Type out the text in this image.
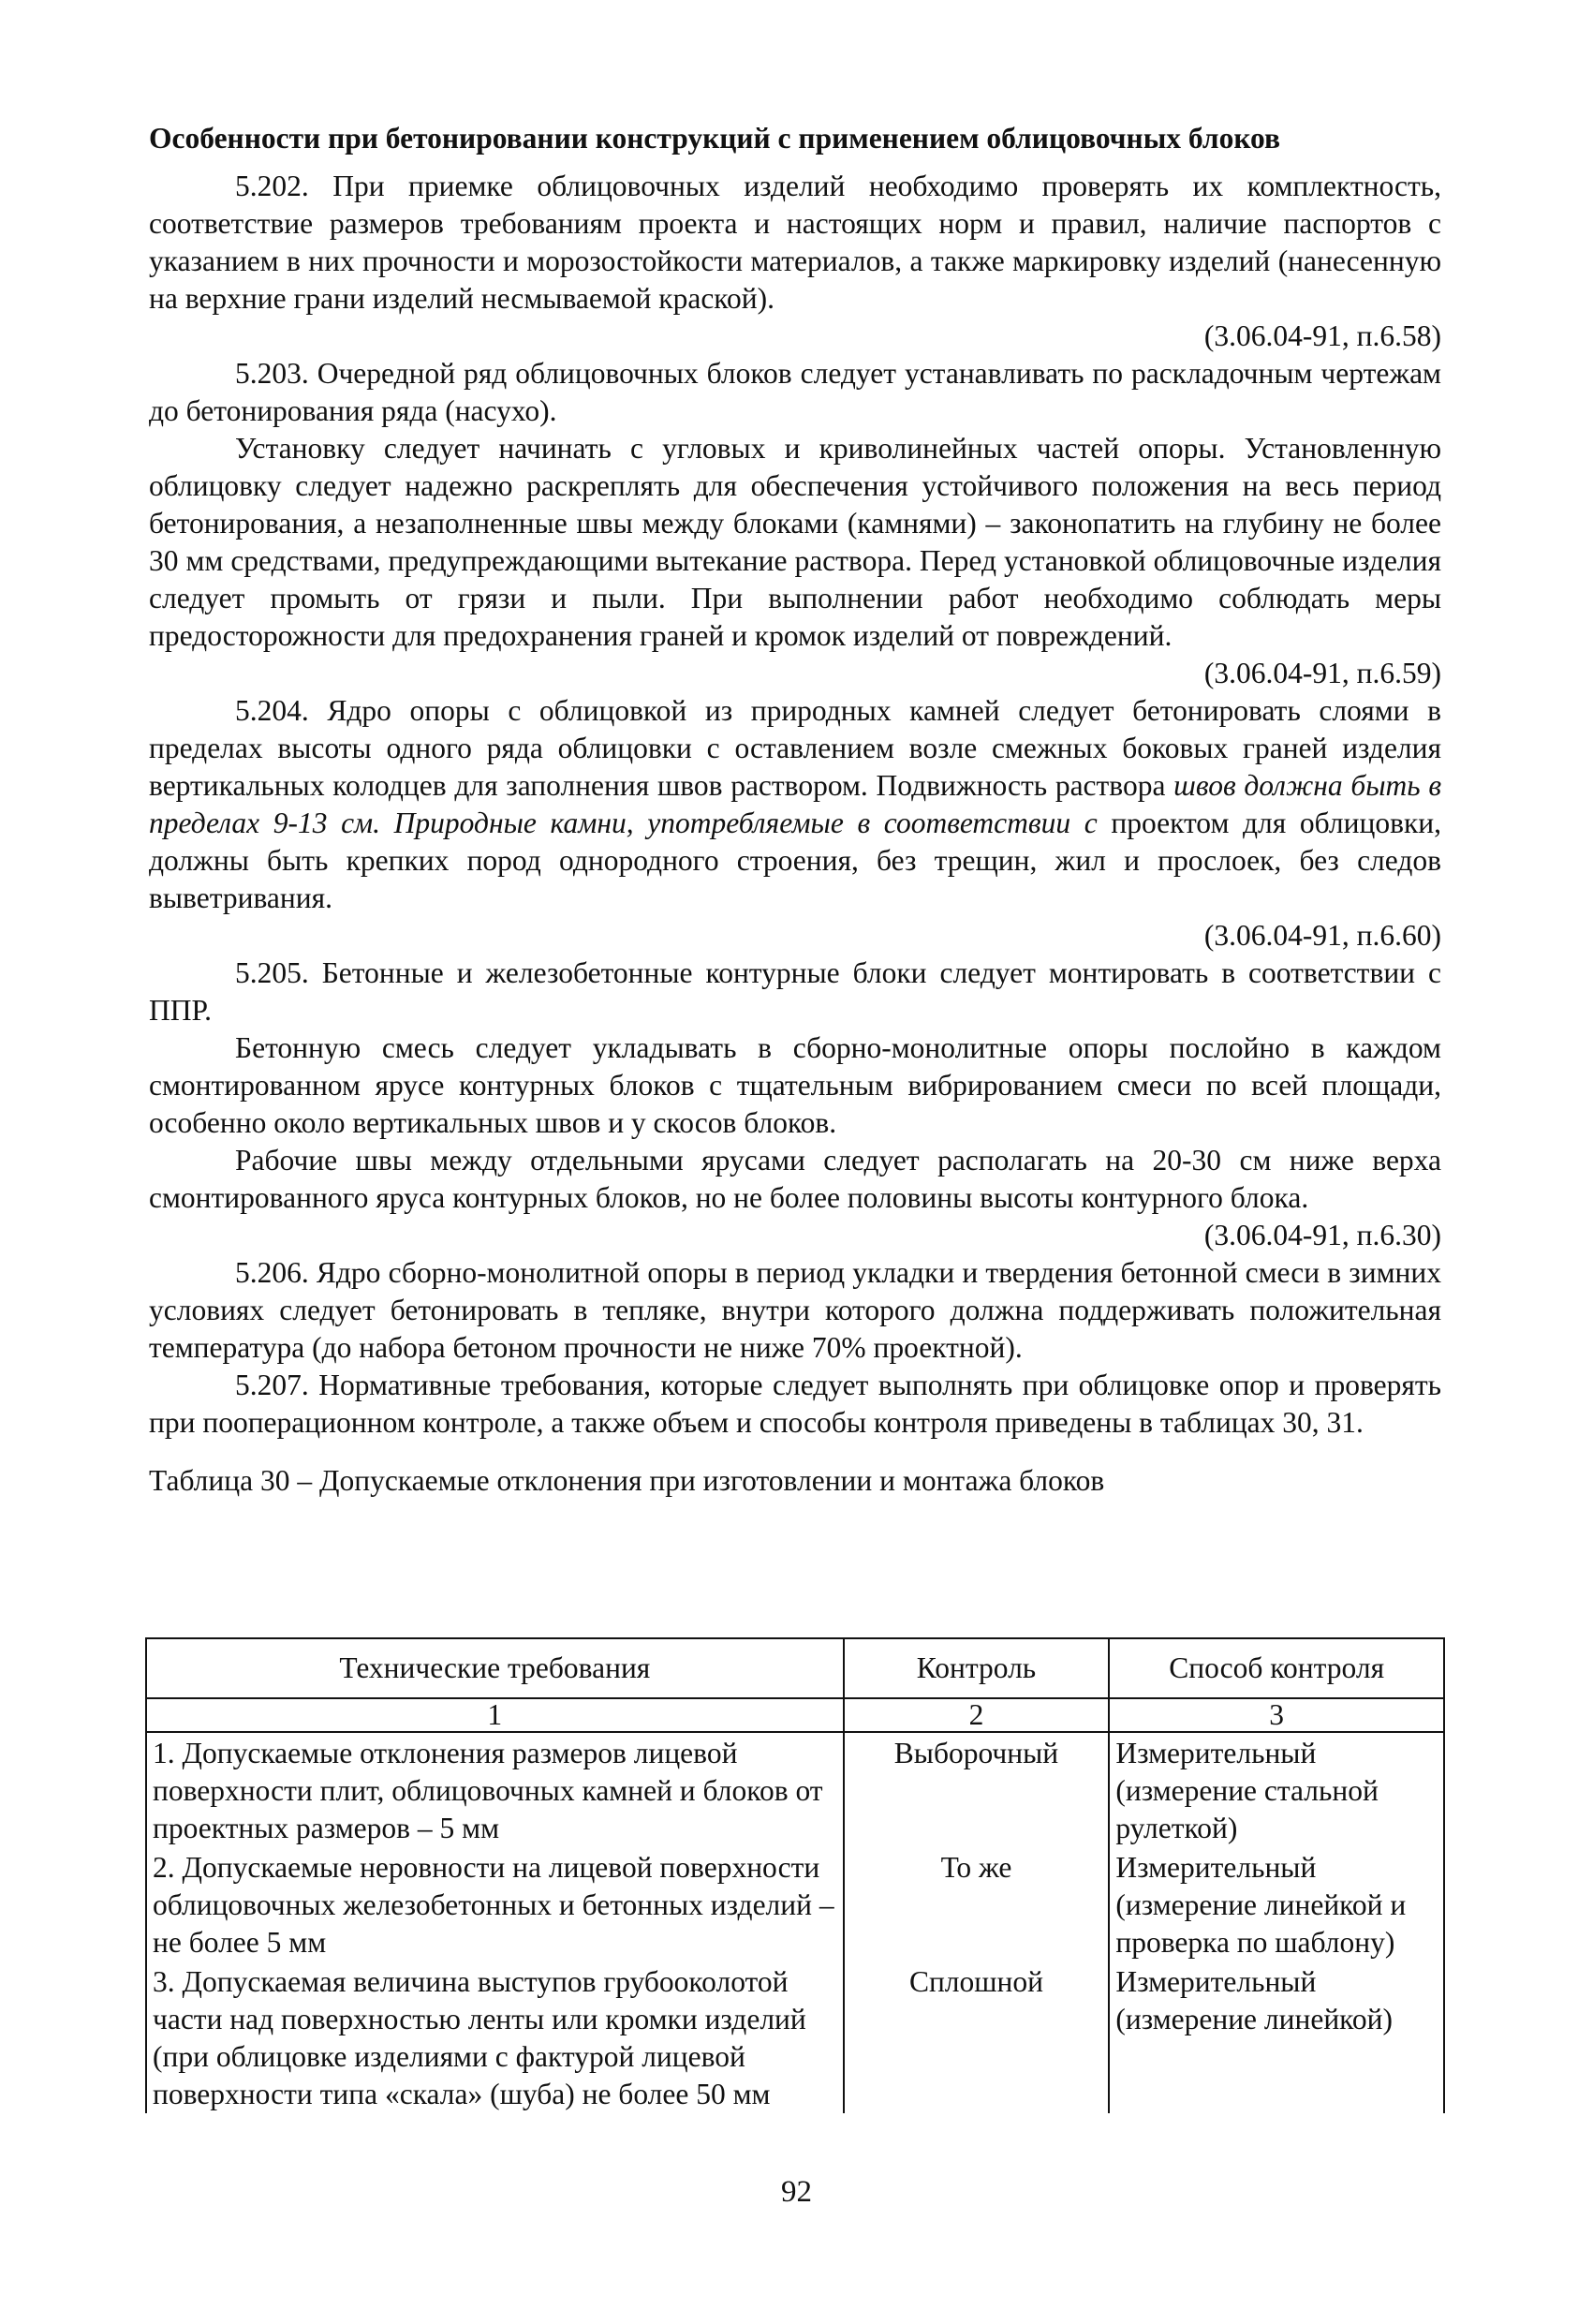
Особенности при бетонировании конструкций с применением облицовочных блоков

5.202. При приемке облицовочных изделий необходимо проверять их комплектность, соответствие размеров требованиям проекта и настоящих норм и правил, наличие паспортов с указанием в них прочности и морозостойкости материалов, а также маркировку изделий (нанесенную на верхние грани изделий несмываемой краской).

(3.06.04-91, п.6.58)

5.203. Очередной ряд облицовочных блоков следует устанавливать по раскладочным чертежам до бетонирования ряда (насухо).

Установку следует начинать с угловых и криволинейных частей опоры. Установленную облицовку следует надежно раскреплять для обеспечения устойчивого положения на весь период бетонирования, а незаполненные швы между блоками (камнями) – законопатить на глубину не более 30 мм средствами, предупреждающими вытекание раствора. Перед установкой облицовочные изделия следует промыть от грязи и пыли. При выполнении работ необходимо соблюдать меры предосторожности для предохранения граней и кромок изделий от повреждений.

(3.06.04-91, п.6.59)

5.204. Ядро опоры с облицовкой из природных камней следует бетонировать слоями в пределах высоты одного ряда облицовки с оставлением возле смежных боковых граней изделия вертикальных колодцев для заполнения швов раствором. Подвижность раствора швов должна быть в пределах 9-13 см. Природные камни, употребляемые в соответствии с проектом для облицовки, должны быть крепких пород однородного строения, без трещин, жил и прослоек, без следов выветривания.

(3.06.04-91, п.6.60)

5.205. Бетонные и железобетонные контурные блоки следует монтировать в соответствии с ППР.

Бетонную смесь следует укладывать в сборно-монолитные опоры послойно в каждом смонтированном ярусе контурных блоков с тщательным вибрированием смеси по всей площади, особенно около вертикальных швов и у скосов блоков.

Рабочие швы между отдельными ярусами следует располагать на 20-30 см ниже верха смонтированного яруса контурных блоков, но не более половины высоты контурного блока.

(3.06.04-91, п.6.30)

5.206. Ядро сборно-монолитной опоры в период укладки и твердения бетонной смеси в зимних условиях следует бетонировать в тепляке, внутри которого должна поддерживать положительная температура (до набора бетоном прочности не ниже 70% проектной).

5.207. Нормативные требования, которые следует выполнять при облицовке опор и проверять при пооперационном контроле, а также объем и способы контроля приведены в таблицах 30, 31.

Таблица 30 – Допускаемые отклонения при изготовлении и монтажа блоков

Технические требования	Контроль	Способ контроля
1	2	3
1. Допускаемые отклонения размеров лицевой поверхности плит, облицовочных камней и блоков от проектных размеров – 5 мм	Выборочный	Измерительный (измерение стальной рулеткой)
2. Допускаемые неровности на лицевой поверхности облицовочных железобетонных и бетонных изделий – не более 5 мм	То же	Измерительный (измерение линейкой и проверка по шаблону)
3. Допускаемая величина выступов грубооколотой части над поверхностью ленты или кромки изделий (при облицовке изделиями с фактурой лицевой поверхности типа «скала» (шуба) не более 50 мм	Сплошной	Измерительный (измерение линейкой)
92
